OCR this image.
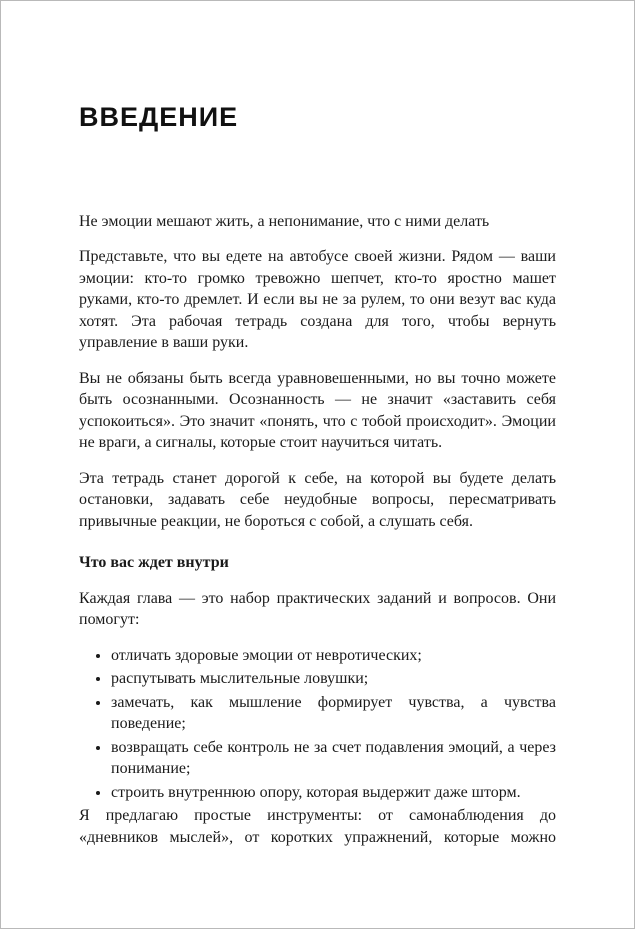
ВВЕДЕНИЕ

Не эмоции мешают жить, а непонимание, что с ними делать

Представьте, что вы едете на автобусе своей жизни. Рядом — ваши эмоции: кто-то громко тревожно шепчет, кто-то яростно машет руками, кто-то дремлет. И если вы не за рулем, то они везут вас куда хотят. Эта рабочая тетрадь создана для того, чтобы вернуть управление в ваши руки.

Вы не обязаны быть всегда уравновешенными, но вы точно можете быть осознанными. Осознанность — не значит «заставить себя успокоиться». Это значит «понять, что с тобой происходит». Эмоции не враги, а сигналы, которые стоит научиться читать.

Эта тетрадь станет дорогой к себе, на которой вы будете делать остановки, задавать себе неудобные вопросы, пересматривать привычные реакции, не бороться с собой, а слушать себя.

Что вас ждет внутри

Каждая глава — это набор практических заданий и вопросов. Они помогут:

• отличать здоровые эмоции от невротических;
• распутывать мыслительные ловушки;
• замечать, как мышление формирует чувства, а чувства поведение;
• возвращать себе контроль не за счет подавления эмоций, а через понимание;
• строить внутреннюю опору, которая выдержит даже шторм.

Я предлагаю простые инструменты: от самонаблюдения до «дневников мыслей», от коротких упражнений, которые можно
